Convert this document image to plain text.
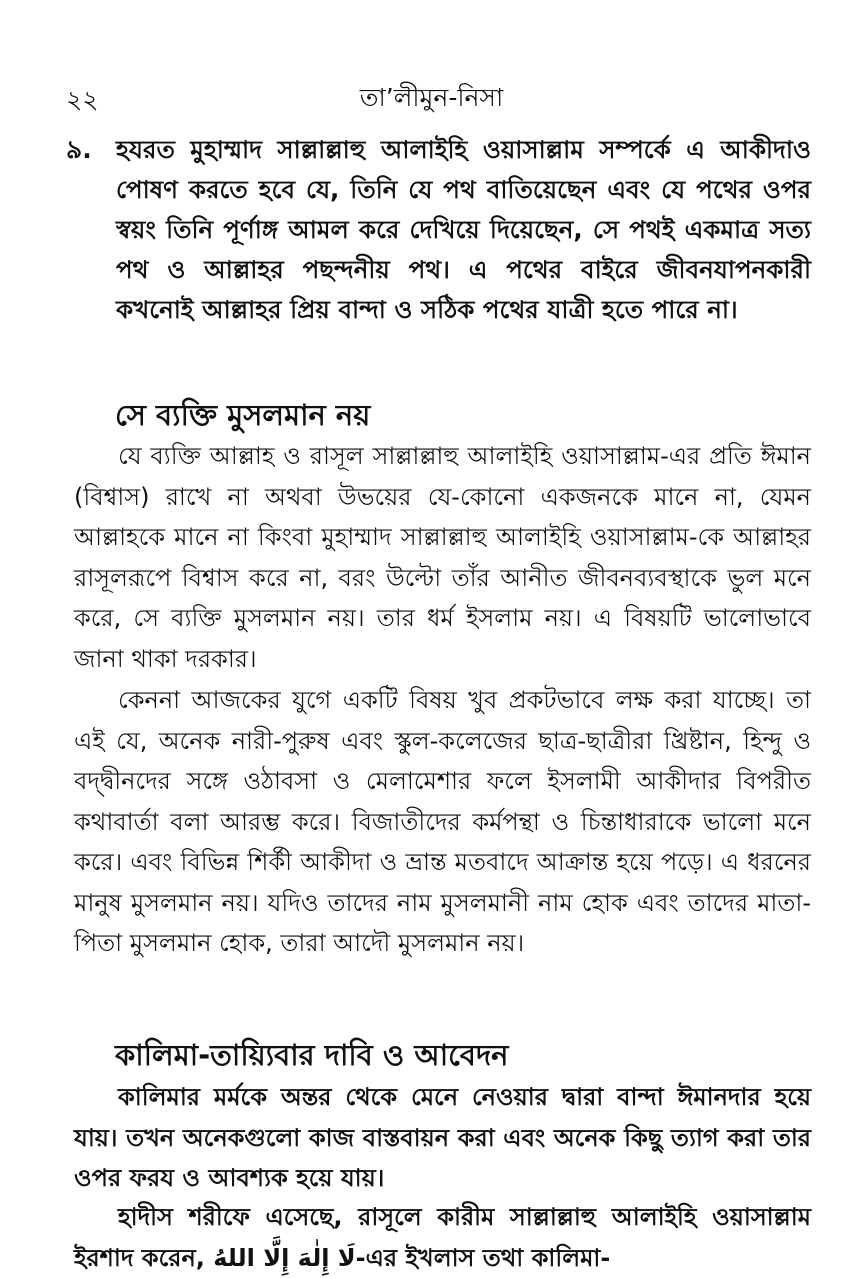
২২	তা’লীমুন-নিসা
৯. হযরত মুহাম্মাদ সাল্লাল্লাহু আলাইহি ওয়াসাল্লাম সম্পর্কে এ আকীদাও পোষণ করতে হবে যে, তিনি যে পথ বাতিয়েছেন এবং যে পথের ওপর স্বয়ং তিনি পূর্ণাঙ্গ আমল করে দেখিয়ে দিয়েছেন, সে পথই একমাত্র সত্য পথ ও আল্লাহর পছন্দনীয় পথ। এ পথের বাইরে জীবনযাপনকারী কখনোই আল্লাহর প্রিয় বান্দা ও সঠিক পথের যাত্রী হতে পারে না।
সে ব্যক্তি মুসলমান নয়

যে ব্যক্তি আল্লাহ ও রাসূল সাল্লাল্লাহু আলাইহি ওয়াসাল্লাম-এর প্রতি ঈমান (বিশ্বাস) রাখে না অথবা উভয়ের যে-কোনো একজনকে মানে না, যেমন আল্লাহকে মানে না কিংবা মুহাম্মাদ সাল্লাল্লাহু আলাইহি ওয়াসাল্লাম-কে আল্লাহর রাসূলরূপে বিশ্বাস করে না, বরং উল্টো তাঁর আনীত জীবনব্যবস্থাকে ভুল মনে করে, সে ব্যক্তি মুসলমান নয়। তার ধর্ম ইসলাম নয়। এ বিষয়টি ভালোভাবে জানা থাকা দরকার।

কেননা আজকের যুগে একটি বিষয় খুব প্রকটভাবে লক্ষ করা যাচ্ছে। তা এই যে, অনেক নারী-পুরুষ এবং স্কুল-কলেজের ছাত্র-ছাত্রীরা খ্রিষ্টান, হিন্দু ও বদ্‌দ্বীনদের সঙ্গে ওঠাবসা ও মেলামেশার ফলে ইসলামী আকীদার বিপরীত কথাবার্তা বলা আরম্ভ করে। বিজাতীদের কর্মপন্থা ও চিন্তাধারাকে ভালো মনে করে। এবং বিভিন্ন শির্কী আকীদা ও ভ্রান্ত মতবাদে আক্রান্ত হয়ে পড়ে। এ ধরনের মানুষ মুসলমান নয়। যদিও তাদের নাম মুসলমানী নাম হোক এবং তাদের মাতা-পিতা মুসলমান হোক, তারা আদৌ মুসলমান নয়।

কালিমা-তায়্যিবার দাবি ও আবেদন

কালিমার মর্মকে অন্তর থেকে মেনে নেওয়ার দ্বারা বান্দা ঈমানদার হয়ে যায়। তখন অনেকগুলো কাজ বাস্তবায়ন করা এবং অনেক কিছু ত্যাগ করা তার ওপর ফরয ও আবশ্যক হয়ে যায়।

হাদীস শরীফে এসেছে, রাসূলে কারীম সাল্লাল্লাহু আলাইহি ওয়াসাল্লাম ইরশাদ করেন, لَا إِلٰهَ إِلَّا اللهُ-এর ইখলাস তথা কালিমা-
